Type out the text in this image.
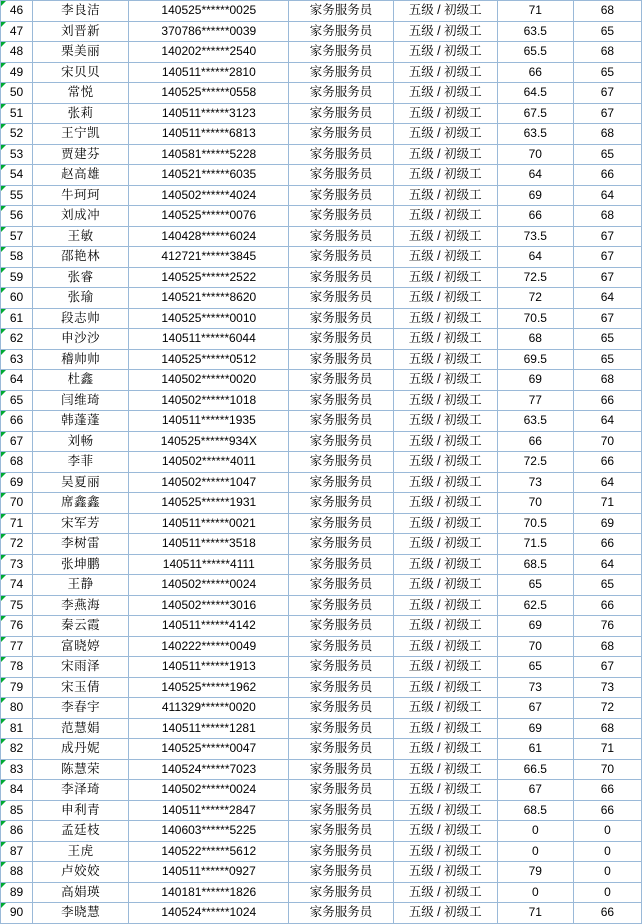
46	李良洁	140525******0025	家务服务员	五级 / 初级工	71	68

47	刘晋新	370786******0039	家务服务员	五级 / 初级工	63.5	65

48	栗美丽	140202******2540	家务服务员	五级 / 初级工	65.5	68

49	宋贝贝	140511******2810	家务服务员	五级 / 初级工	66	65

50	常悦	140525******0558	家务服务员	五级 / 初级工	64.5	67

51	张莉	140511******3123	家务服务员	五级 / 初级工	67.5	67

52	王宁凯	140511******6813	家务服务员	五级 / 初级工	63.5	68

53	贾建芬	140581******5228	家务服务员	五级 / 初级工	70	65

54	赵高雄	140521******6035	家务服务员	五级 / 初级工	64	66

55	牛珂珂	140502******4024	家务服务员	五级 / 初级工	69	64

56	刘成冲	140525******0076	家务服务员	五级 / 初级工	66	68

57	王敏	140428******6024	家务服务员	五级 / 初级工	73.5	67

58	邵艳林	412721******3845	家务服务员	五级 / 初级工	64	67

59	张睿	140525******2522	家务服务员	五级 / 初级工	72.5	67

60	张瑜	140521******8620	家务服务员	五级 / 初级工	72	64

61	段志帅	140525******0010	家务服务员	五级 / 初级工	70.5	67

62	申沙沙	140511******6044	家务服务员	五级 / 初级工	68	65

63	稽帅帅	140525******0512	家务服务员	五级 / 初级工	69.5	65

64	杜鑫	140502******0020	家务服务员	五级 / 初级工	69	68

65	闫维琦	140502******1018	家务服务员	五级 / 初级工	77	66

66	韩蓬蓬	140511******1935	家务服务员	五级 / 初级工	63.5	64

67	刘畅	140525******934X	家务服务员	五级 / 初级工	66	70

68	李菲	140502******4011	家务服务员	五级 / 初级工	72.5	66

69	吴夏丽	140502******1047	家务服务员	五级 / 初级工	73	64

70	席鑫鑫	140525******1931	家务服务员	五级 / 初级工	70	71

71	宋军芳	140511******0021	家务服务员	五级 / 初级工	70.5	69

72	李树雷	140511******3518	家务服务员	五级 / 初级工	71.5	66

73	张坤鹏	140511******4111	家务服务员	五级 / 初级工	68.5	64

74	王静	140502******0024	家务服务员	五级 / 初级工	65	65

75	李燕海	140502******3016	家务服务员	五级 / 初级工	62.5	66

76	秦云霞	140511******4142	家务服务员	五级 / 初级工	69	76

77	富晓婷	140222******0049	家务服务员	五级 / 初级工	70	68

78	宋雨泽	140511******1913	家务服务员	五级 / 初级工	65	67

79	宋玉倩	140525******1962	家务服务员	五级 / 初级工	73	73

80	李春宇	411329******0020	家务服务员	五级 / 初级工	67	72

81	范慧娟	140511******1281	家务服务员	五级 / 初级工	69	68

82	成丹妮	140525******0047	家务服务员	五级 / 初级工	61	71

83	陈慧荣	140524******7023	家务服务员	五级 / 初级工	66.5	70

84	李泽琦	140502******0024	家务服务员	五级 / 初级工	67	66

85	申利青	140511******2847	家务服务员	五级 / 初级工	68.5	66

86	孟廷枝	140603******5225	家务服务员	五级 / 初级工	0	0

87	王虎	140522******5612	家务服务员	五级 / 初级工	0	0

88	卢姣姣	140511******0927	家务服务员	五级 / 初级工	79	0

89	高娟瑛	140181******1826	家务服务员	五级 / 初级工	0	0

90	李晓慧	140524******1024	家务服务员	五级 / 初级工	71	66
